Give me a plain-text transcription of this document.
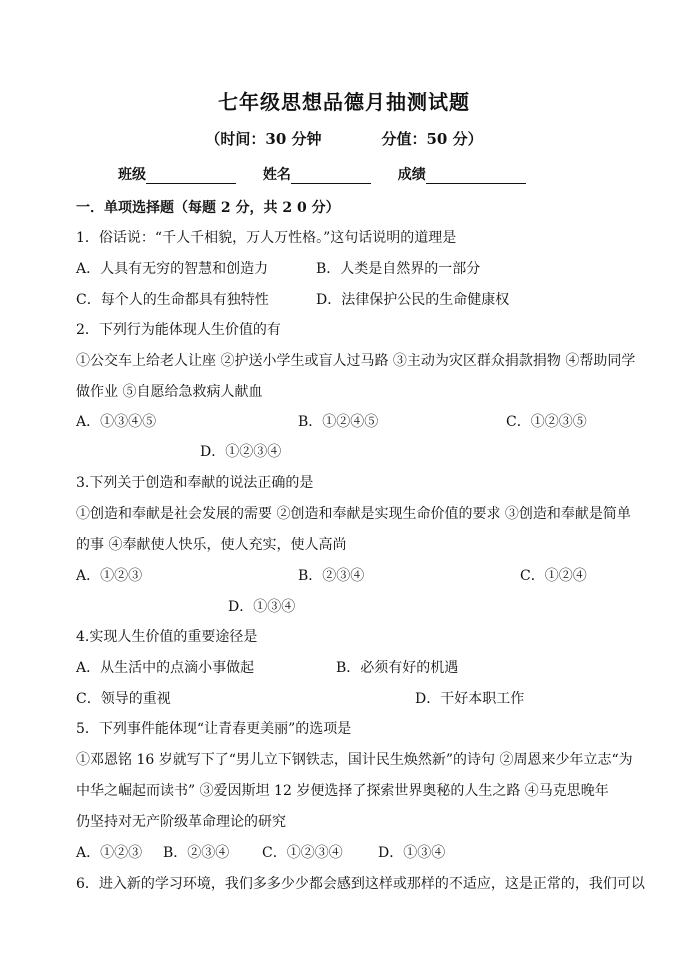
七年级思想品德月抽测试题
（时间：30 分钟	分值：50 分）
班级	姓名	成绩
一．单项选择题（每题 2 分，共 2 0 分）
1．俗话说：“千人千相貌，万人万性格。”这句话说明的道理是
A．人具有无穷的智慧和创造力	B．人类是自然界的一部分
C．每个人的生命都具有独特性	D．法律保护公民的生命健康权
2．下列行为能体现人生价值的有
①公交车上给老人让座 ②护送小学生或盲人过马路 ③主动为灾区群众捐款捐物 ④帮助同学
做作业 ⑤自愿给急救病人献血
A．①③④⑤	B．①②④⑤	C．①②③⑤
D．①②③④
3.下列关于创造和奉献的说法正确的是
①创造和奉献是社会发展的需要 ②创造和奉献是实现生命价值的要求 ③创造和奉献是简单
的事 ④奉献使人快乐，使人充实，使人高尚
A．①②③	B．②③④	C．①②④
D．①③④
4.实现人生价值的重要途径是
A．从生活中的点滴小事做起	B．必须有好的机遇
C．领导的重视	D．干好本职工作
5．下列事件能体现“让青春更美丽”的选项是
①邓恩铭 16 岁就写下了“男儿立下钢铁志，国计民生焕然新”的诗句 ②周恩来少年立志“为
中华之崛起而读书” ③爱因斯坦 12 岁便选择了探索世界奥秘的人生之路 ④马克思晚年
仍坚持对无产阶级革命理论的研究
A．①②③ B．②③④ C．①②③④	D．①③④
6．进入新的学习环境，我们多多少少都会感到这样或那样的不适应，这是正常的，我们可以
